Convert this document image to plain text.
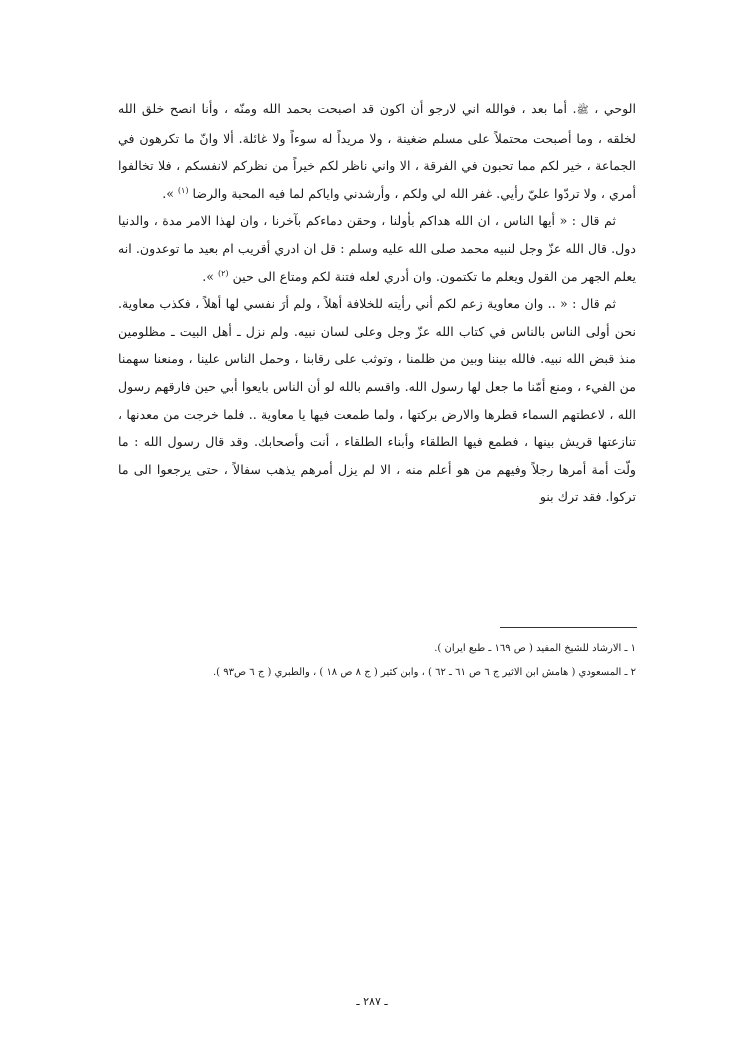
الوحي ، ﷺ. أما بعد ، فوالله اني لارجو أن اكون قد اصبحت بحمد الله ومنّه ، وأنا انصح خلق الله لخلقه ، وما أصبحت محتملاً على مسلم ضغينة ، ولا مريداً له سوءاً ولا غائلة. ألا وانّ ما تكرهون في الجماعة ، خير لكم مما تحبون في الفرقة ، الا واني ناظر لكم خيراً من نظركم لانفسكم ، فلا تخالفوا أمري ، ولا تردّوا عليّ رأيي. غفر الله لي ولكم ، وأرشدني واياكم لما فيه المحبة والرضا $^{(١)}$ ».

ثم قال : « أيها الناس ، ان الله هداكم بأولنا ، وحقن دماءكم بآخرنا ، وان لهذا الامر مدة ، والدنيا دول. قال الله عزّ وجل لنبيه محمد صلى الله عليه وسلم : قل ان ادري أقريب ام بعيد ما توعدون. انه يعلم الجهر من القول ويعلم ما تكتمون. وان أدري لعله فتنة لكم ومتاع الى حين $^{(٢)}$ ».

ثم قال : « .. وان معاوية زعم لكم أني رأيته للخلافة أهلاً ، ولم أرَ نفسي لها أهلاً ، فكذب معاوية. نحن أولى الناس بالناس في كتاب الله عزّ وجل وعلى لسان نبيه. ولم نزل ـ أهل البيت ـ مظلومين منذ قبض الله نبيه. فالله بيننا وبين من ظلمنا ، وتوثب على رقابنا ، وحمل الناس علينا ، ومنعنا سهمنا من الفيء ، ومنع أمّنا ما جعل لها رسول الله. واقسم بالله لو أن الناس بايعوا أبي حين فارقهم رسول الله ، لاعطتهم السماء قطرها والارض بركتها ، ولما طمعت فيها يا معاوية .. فلما خرجت من معدنها ، تنازعتها قريش بينها ، فطمع فيها الطلقاء وأبناء الطلقاء ، أنت وأصحابك. وقد قال رسول الله : ما ولّت أمة أمرها رجلاً وفيهم من هو أعلم منه ، الا لم يزل أمرهم يذهب سفالاً ، حتى يرجعوا الى ما تركوا. فقد ترك بنو

١ ـ الارشاد للشيخ المفيد ( ص ١٦٩ ـ طبع ايران ).

٢ ـ المسعودي ( هامش ابن الاثير ج ٦ ص ٦١ ـ ٦٢ ) ، وابن كثير ( ج ٨ ص ١٨ ) ، والطبري ( ج ٦ ص٩٣ ).

ـ ٢٨٧ ـ
